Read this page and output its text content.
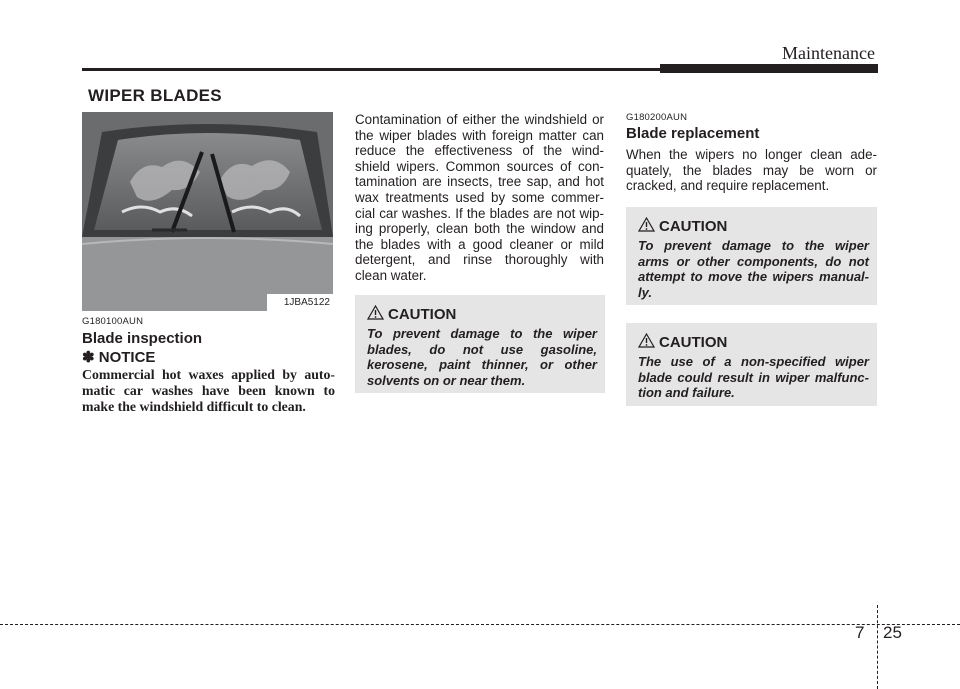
Maintenance
WIPER BLADES
1JBA5122
G180100AUN
Blade inspection
✽ NOTICE
Commercial hot waxes applied by auto-
matic car washes have been known to
make the windshield difficult to clean.
Contamination of either the windshield or
the wiper blades with foreign matter can
reduce the effectiveness of the wind-
shield wipers. Common sources of con-
tamination are insects, tree sap, and hot
wax treatments used by some commer-
cial car washes. If the blades are not wip-
ing properly, clean both the window and
the blades with a good cleaner or mild
detergent, and rinse thoroughly with
clean water.
CAUTION
To prevent damage to the wiper
blades, do not use gasoline,
kerosene, paint thinner, or other
solvents on or near them.
G180200AUN
Blade replacement
When the wipers no longer clean ade-
quately, the blades may be worn or
cracked, and require replacement.
CAUTION
To prevent damage to the wiper
arms or other components, do not
attempt to move the wipers manual-
ly.
CAUTION
The use of a non-specified wiper
blade could result in wiper malfunc-
tion and failure.
7 25
